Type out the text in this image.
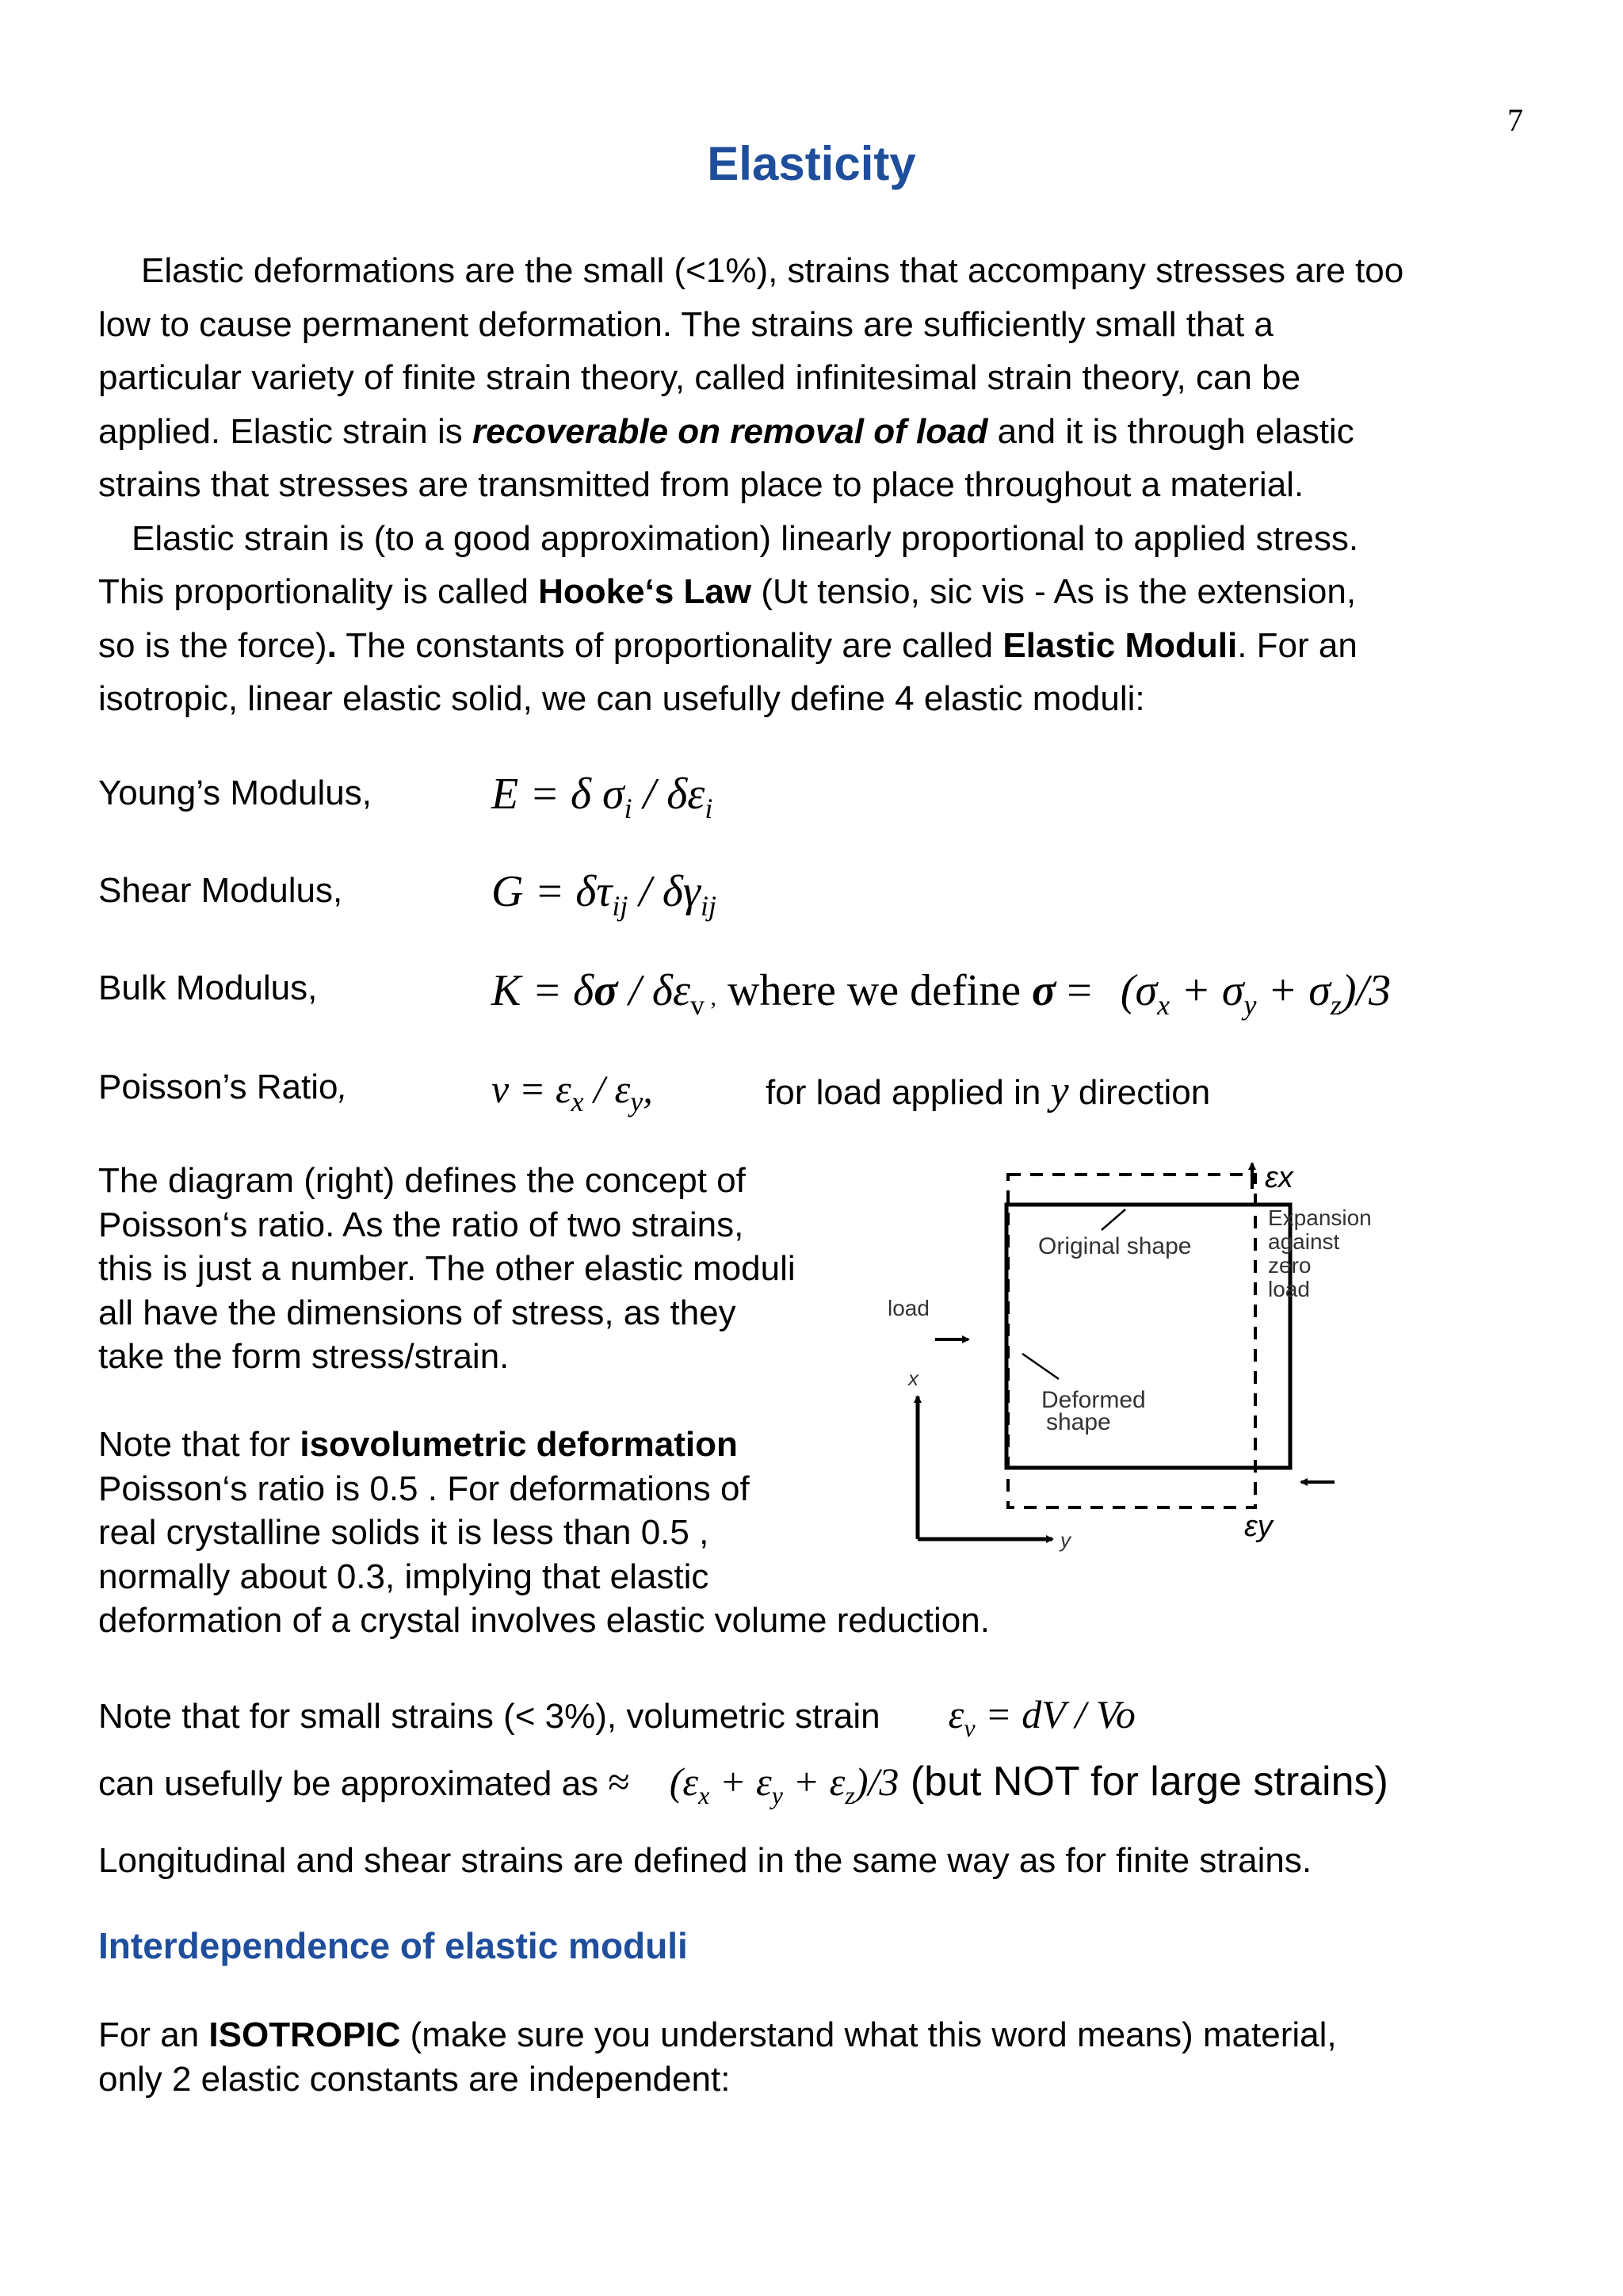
7
Elasticity

Elastic deformations are the small (<1%), strains that accompany stresses are too

low to cause permanent deformation. The strains are sufficiently small that a

particular variety of finite strain theory, called infinitesimal strain theory, can be

applied. Elastic strain is recoverable on removal of load and it is through elastic

strains that stresses are transmitted from place to place throughout a material.

Elastic strain is (to a good approximation) linearly proportional to applied stress.

This proportionality is called Hooke‘s Law (Ut tensio, sic vis - As is the extension,

so is the force). The constants of proportionality are called Elastic Moduli. For an

isotropic, linear elastic solid, we can usefully define 4 elastic moduli:

Young’s Modulus,	E = δ $\sigma_i / \delta\varepsilon_i$
Shear Modulus,	$G = \delta\tau_{ij} / \delta\gamma_{ij}$
Bulk Modulus,	$K = \delta\sigma / \delta\varepsilon_v$ , where we define $\sigma = (\sigma_x + \sigma_y + \sigma_z)/3$
Poisson’s Ratio,	$\nu = \varepsilon_x / \varepsilon_y$,	for load applied in y direction

The diagram (right) defines the concept of

Poisson‘s ratio. As the ratio of two strains,

this is just a number. The other elastic moduli

all have the dimensions of stress, as they

take the form stress/strain.

Note that for isovolumetric deformation

Poisson‘s ratio is 0.5 . For deformations of

real crystalline solids it is less than 0.5 ,

normally about 0.3, implying that elastic

deformation of a crystal involves elastic volume reduction.

Original shape
Deformed
shape
load
εx
Expansion
against
zero
load
εy
x
y

Note that for small strains (< 3%), volumetric strain $\varepsilon_v$ = dV / Vo

can usefully be approximated as ≈ $(\varepsilon_x + \varepsilon_y + \varepsilon_z)/3$ (but NOT for large strains)

Longitudinal and shear strains are defined in the same way as for finite strains.

Interdependence of elastic moduli

For an ISOTROPIC (make sure you understand what this word means) material,

only 2 elastic constants are independent:
